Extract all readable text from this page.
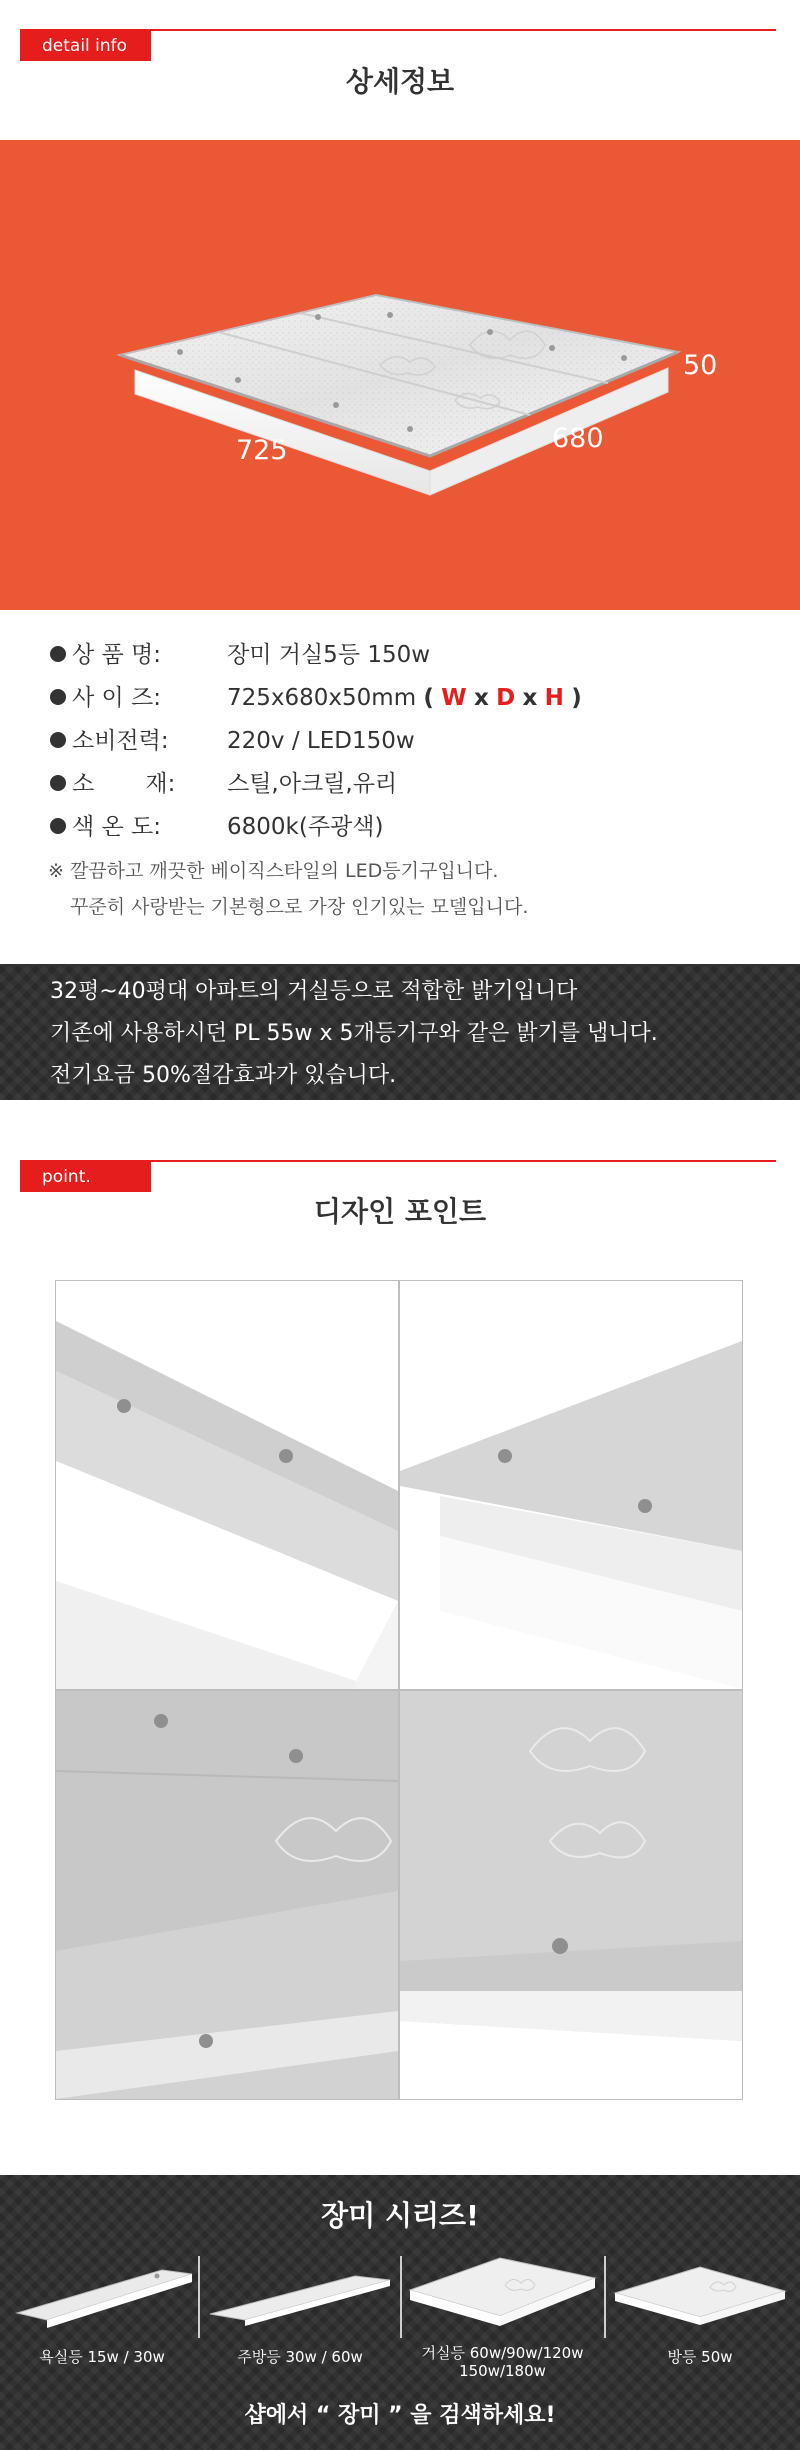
detail info
상세정보
50
725	680
상 품 명:	장미 거실5등 150w
사 이 즈:	725x680x50mm ( W x D x H )
소비전력:	220v / LED150w
소       재: 스틸,아크릴,유리
색 온 도:	6800k(주광색)
※ 깔끔하고 깨끗한 베이직스타일의 LED등기구입니다.
꾸준히 사랑받는 기본형으로 가장 인기있는 모델입니다.
32평~40평대 아파트의 거실등으로 적합한 밝기입니다
기존에 사용하시던 PL 55w x 5개등기구와 같은 밝기를 냅니다.
전기요금 50%절감효과가 있습니다.
point.
디자인 포인트
장미 시리즈!
욕실등 15w / 30w	주방등 30w / 60w	거실등 60w/90w/120w
150w/180w
방등 50w
샵에서 “ 장미 ” 을 검색하세요!
